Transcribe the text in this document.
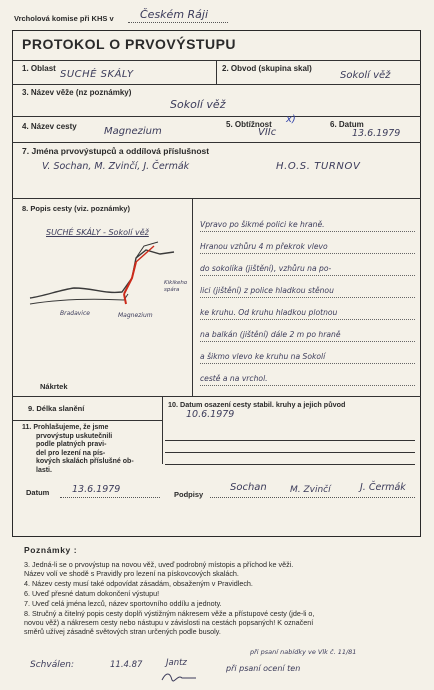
Vrcholová komise při KHS v Českém Ráji
PROTOKOL O PRVOVÝSTUPU
1. Oblast
SUCHÉ SKÁLY
2. Obvod (skupina skal)
Sokolí věž
3. Název věže (nz poznámky)
Sokolí věž
4. Název cesty	Magnezium
5. Obtížnost x)
VIIc
6. Datum
13.6.1979
7. Jména prvovýstupců a oddílová příslušnost
V. Sochan, M. Zvinčí, J. Čermák	H.O.S. TURNOV
8. Popis cesty (viz. poznámky)
SUCHÉ SKÁLY - Sokolí věž
Bradavice	Magnezium
Kikikeho spára
Nákrtek
Vpravo po šikmé polici ke hraně.
Hranou vzhůru 4 m překrok vlevo
do sokolíka (jištění), vzhůru na po-
lici (jištění) z police hladkou stěnou
ke kruhu. Od kruhu hladkou plotnou
na balkán (jištění) dále 2 m po hraně
a šikmo vlevo ke kruhu na Sokolí
cestě a na vrchol.
9. Délka slanění	10. Datum osazení cesty stabil. kruhy a jejich původ
10.6.1979
11. Prohlašujeme, že jsme
prvovýstup uskutečnili
podle platných pravi-
del pro lezení na pís-
kových skalách příslušné ob-
lasti.
Datum 13.6.1979	Podpisy
Sochan	M. Zvinčí	J. Čermák
Poznámky :
3. Jedná-li se o prvovýstup na novou věž, uveď podrobný místopis a příchod ke věži.
Název volí ve shodě s Pravidly pro lezení na pískovcových skalách.
4. Název cesty musí také odpovídat zásadám, obsaženým v Pravidlech.
6. Uveď přesné datum dokončení výstupu!
7. Uveď celá jména lezců, název sportovního oddílu a jednoty.
8. Stručný a čitelný popis cesty doplň výstižným nákresem věže a přístupové cesty (jde-li o,
novou věž) a nákresem cesty nebo nástupu v závislosti na cestách popsaných! K označení
směrů užívej zásadně světových stran určených podle busoly.
Schválen:	11.4.87	Jantz
při psaní nabídky ve Vlk č. 11/81
při psaní ocení ten
